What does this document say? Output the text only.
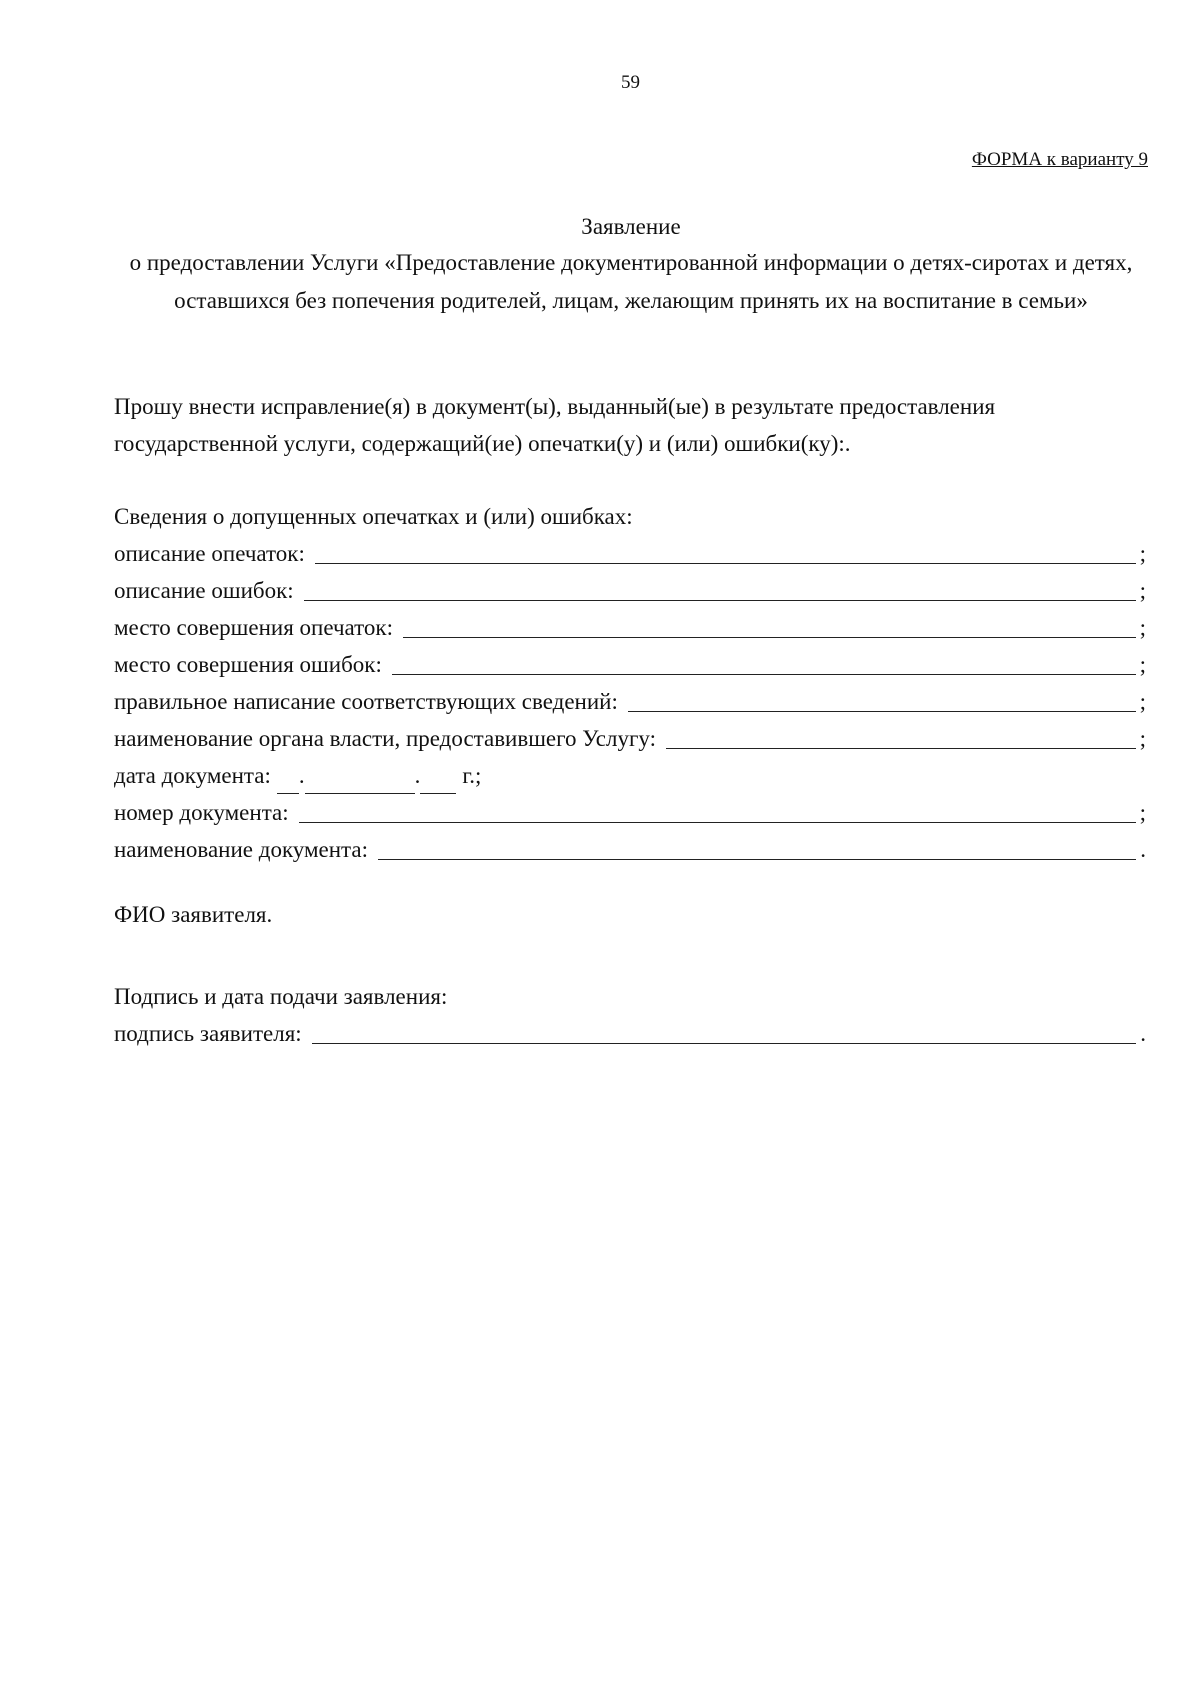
59
ФОРМА к варианту 9
Заявление
о предоставлении Услуги «Предоставление документированной информации о детях-сиротах и детях, оставшихся без попечения родителей, лицам, желающим принять их на воспитание в семьи»
Прошу внести исправление(я) в документ(ы), выданный(ые) в результате предоставления государственной услуги, содержащий(ие) опечатки(у) и (или) ошибки(ку):.
Сведения о допущенных опечатках и (или) ошибках:
описание опечаток:	;
описание ошибок:	;
место совершения опечаток:	;
место совершения ошибок:	;
правильное написание соответствующих сведений:	;
наименование органа власти, предоставившего Услугу:	;
дата документа: .	. г.;
номер документа:	;
наименование документа:	.
ФИО заявителя.
Подпись и дата подачи заявления:
подпись заявителя:	.
